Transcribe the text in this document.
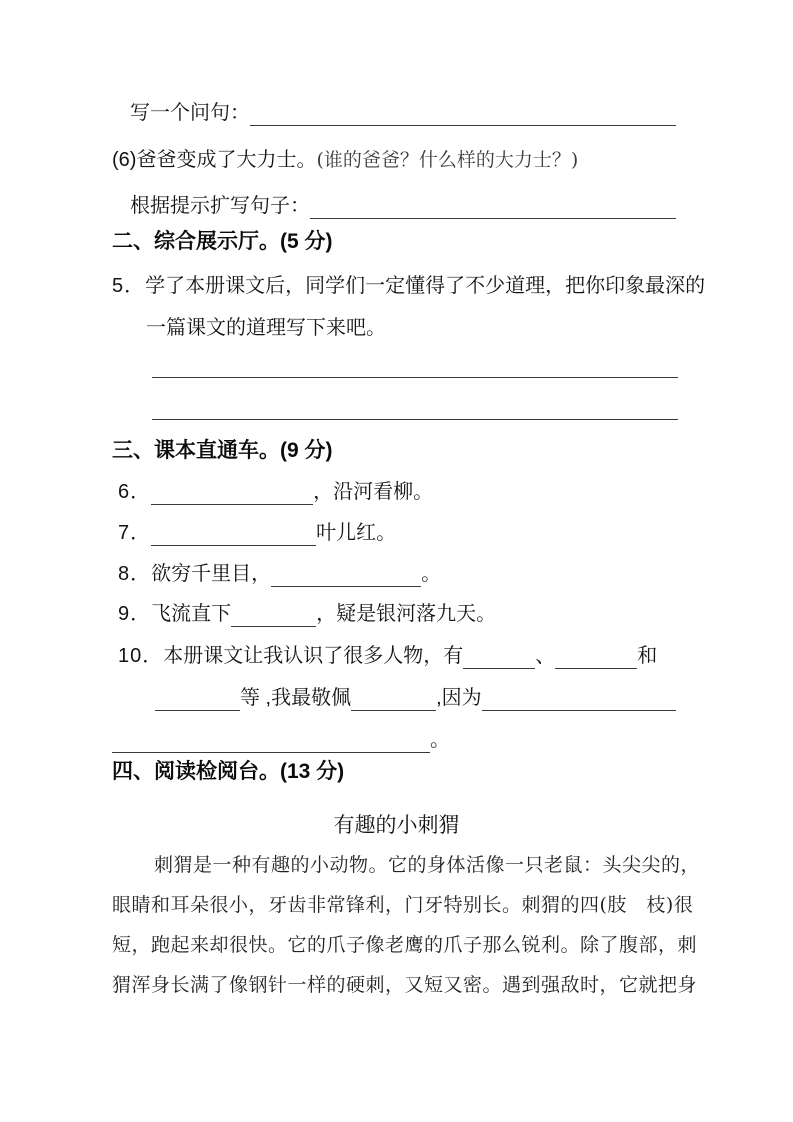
写一个问句：
(6)爸爸变成了大力士。(谁的爸爸？什么样的大力士？)
根据提示扩写句子：
二、综合展示厅。(5 分)
5．学了本册课文后，同学们一定懂得了不少道理，把你印象最深的
一篇课文的道理写下来吧。
三、课本直通车。(9 分)
6．	，沿河看柳。
7．	叶儿红。
8．欲穷千里目，	。
9．飞流直下	，疑是银河落九天。
10．本册课文让我认识了很多人物，有	、	和
等 ,我最敬佩	,因为
。
四、阅读检阅台。(13 分)
有趣的小刺猬
刺猬是一种有趣的小动物。它的身体活像一只老鼠：头尖尖的，
眼睛和耳朵很小，牙齿非常锋利，门牙特别长。刺猬的四(肢　枝)很
短，跑起来却很快。它的爪子像老鹰的爪子那么锐利。除了腹部，刺
猬浑身长满了像钢针一样的硬刺，又短又密。遇到强敌时，它就把身
